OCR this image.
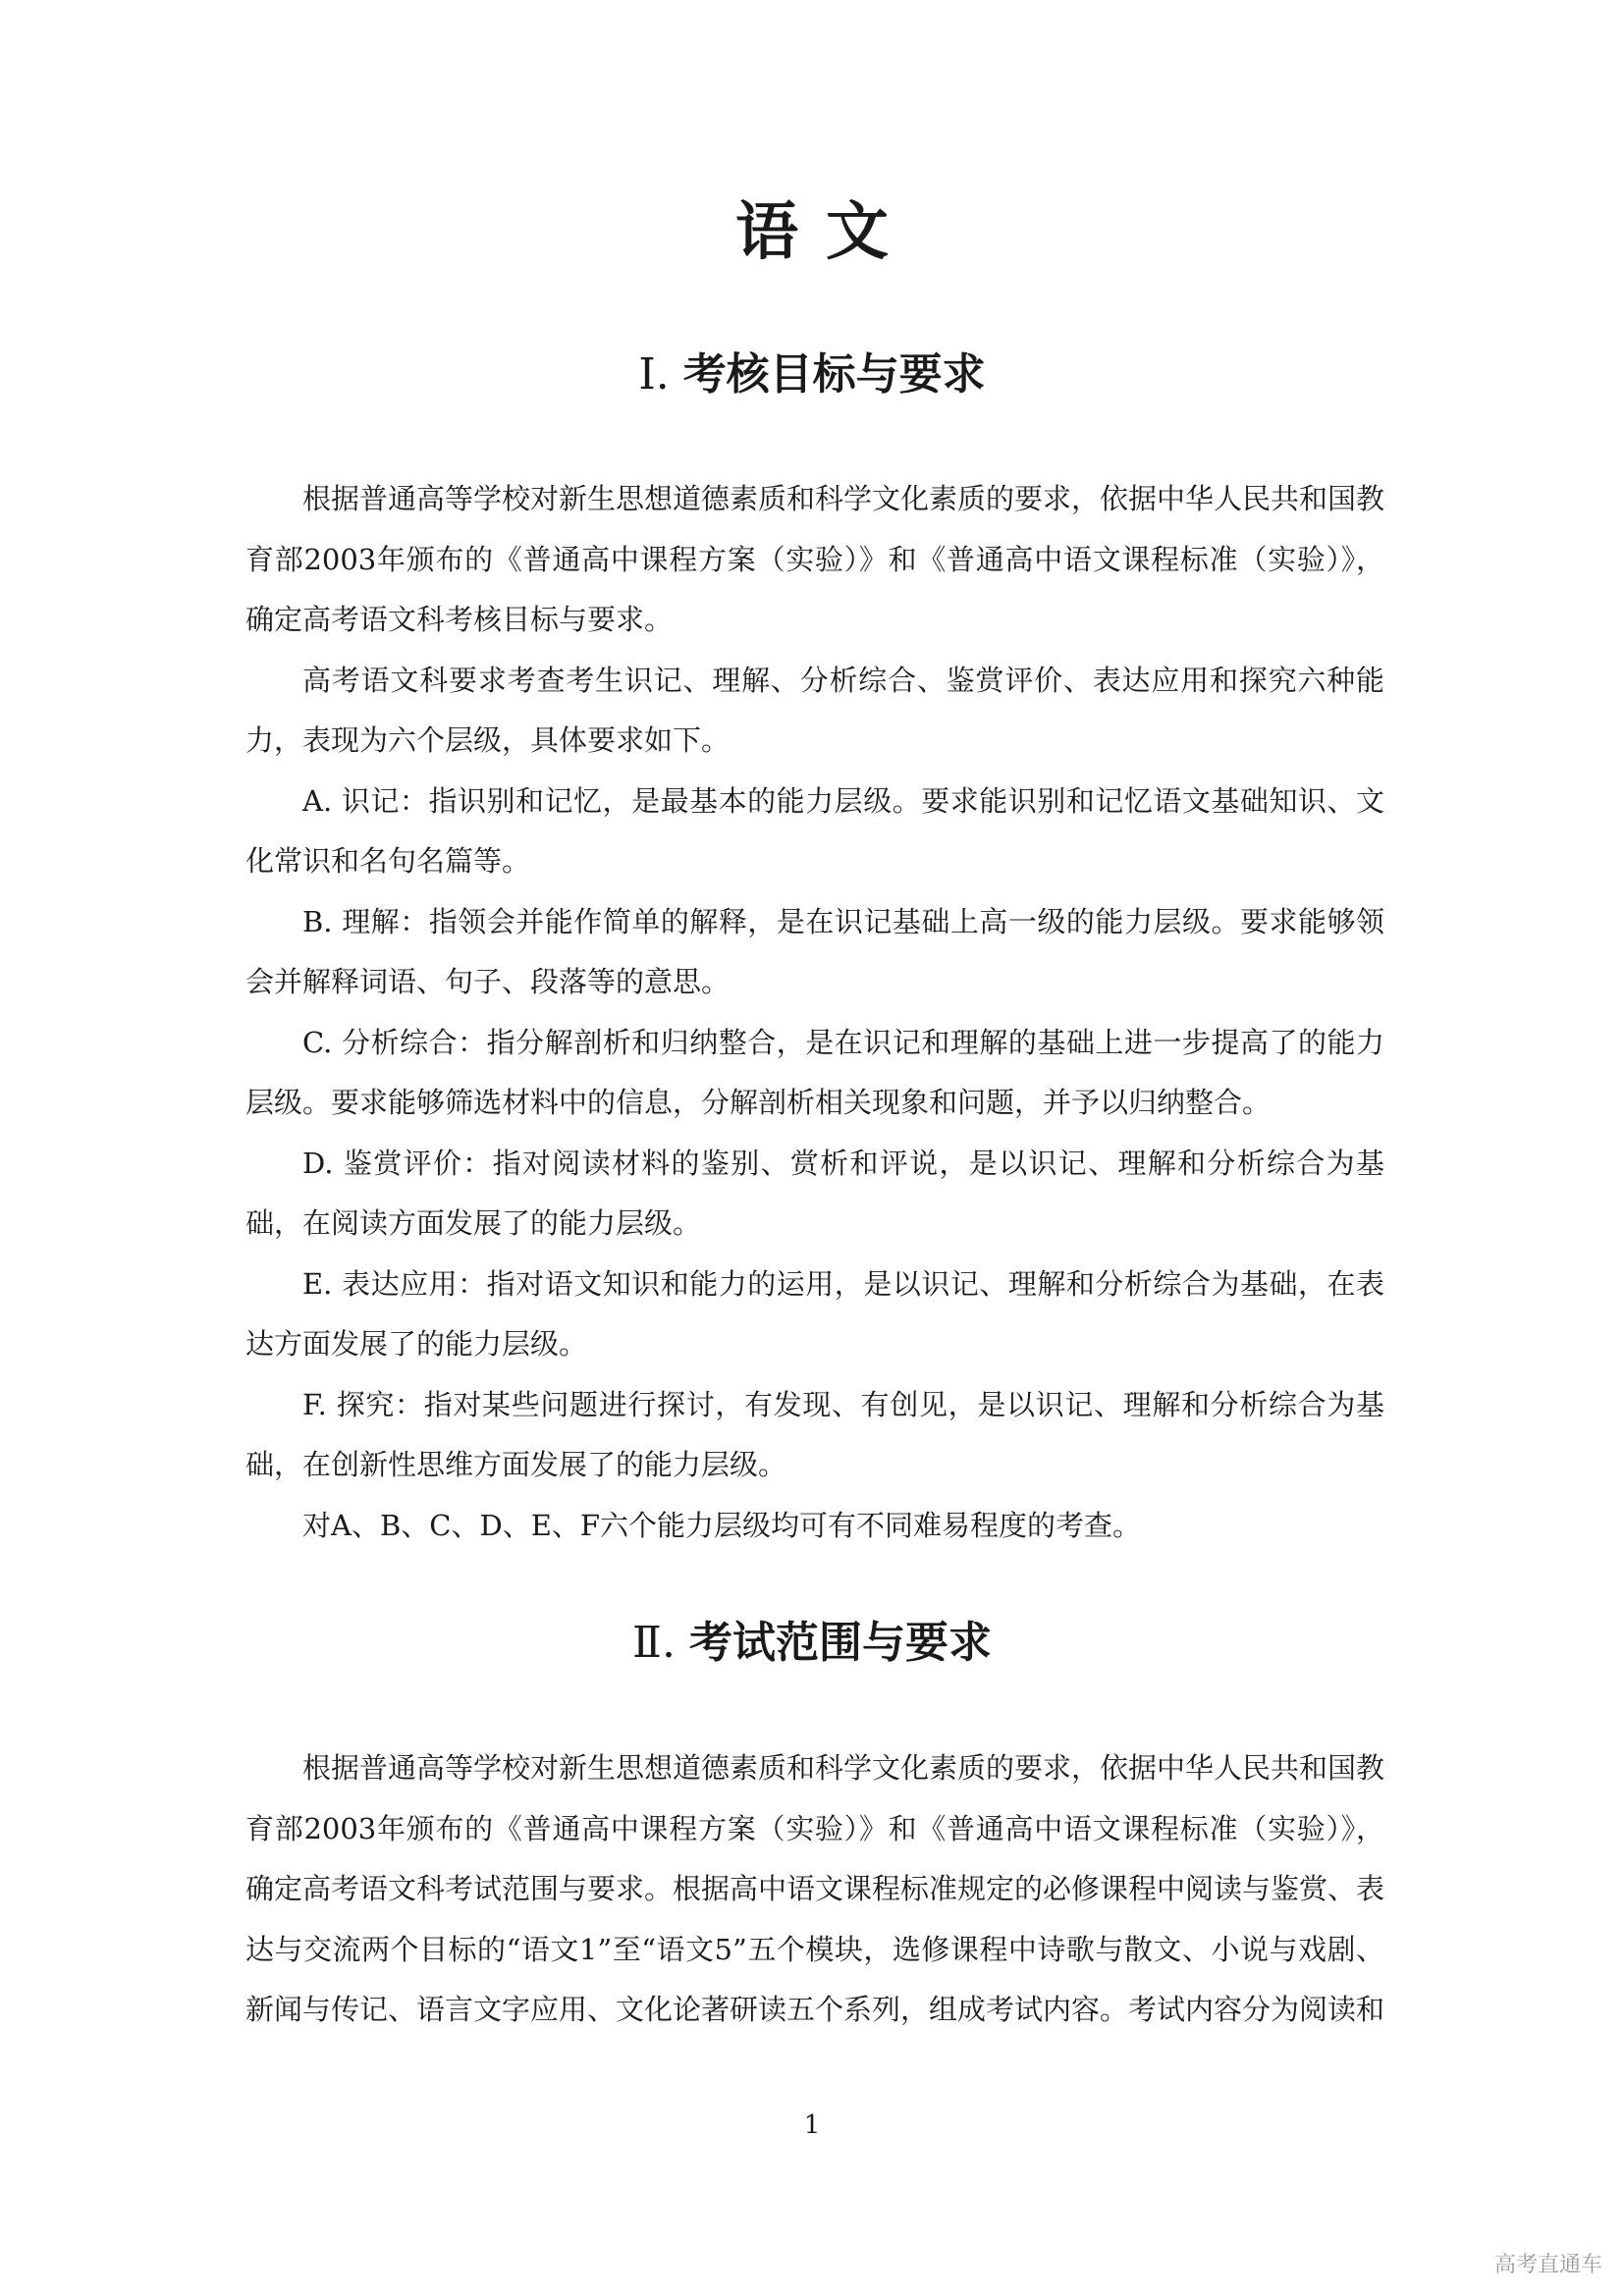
语文
Ⅰ. 考核目标与要求

根据普通高等学校对新生思想道德素质和科学文化素质的要求，依据中华人民共和国教育部2003年颁布的《普通高中课程方案（实验）》和《普通高中语文课程标准（实验）》，确定高考语文科考核目标与要求。

高考语文科要求考查考生识记、理解、分析综合、鉴赏评价、表达应用和探究六种能力，表现为六个层级，具体要求如下。

A. 识记：指识别和记忆，是最基本的能力层级。要求能识别和记忆语文基础知识、文化常识和名句名篇等。

B. 理解：指领会并能作简单的解释，是在识记基础上高一级的能力层级。要求能够领会并解释词语、句子、段落等的意思。

C. 分析综合：指分解剖析和归纳整合，是在识记和理解的基础上进一步提高了的能力层级。要求能够筛选材料中的信息，分解剖析相关现象和问题，并予以归纳整合。

D. 鉴赏评价：指对阅读材料的鉴别、赏析和评说，是以识记、理解和分析综合为基础，在阅读方面发展了的能力层级。

E. 表达应用：指对语文知识和能力的运用，是以识记、理解和分析综合为基础，在表达方面发展了的能力层级。

F. 探究：指对某些问题进行探讨，有发现、有创见，是以识记、理解和分析综合为基础，在创新性思维方面发展了的能力层级。

对A、B、C、D、E、F六个能力层级均可有不同难易程度的考查。

Ⅱ. 考试范围与要求

根据普通高等学校对新生思想道德素质和科学文化素质的要求，依据中华人民共和国教育部2003年颁布的《普通高中课程方案（实验）》和《普通高中语文课程标准（实验）》，确定高考语文科考试范围与要求。根据高中语文课程标准规定的必修课程中阅读与鉴赏、表达与交流两个目标的“语文1”至“语文5”五个模块，选修课程中诗歌与散文、小说与戏剧、新闻与传记、语言文字应用、文化论著研读五个系列，组成考试内容。考试内容分为阅读和

1
高考直通车
